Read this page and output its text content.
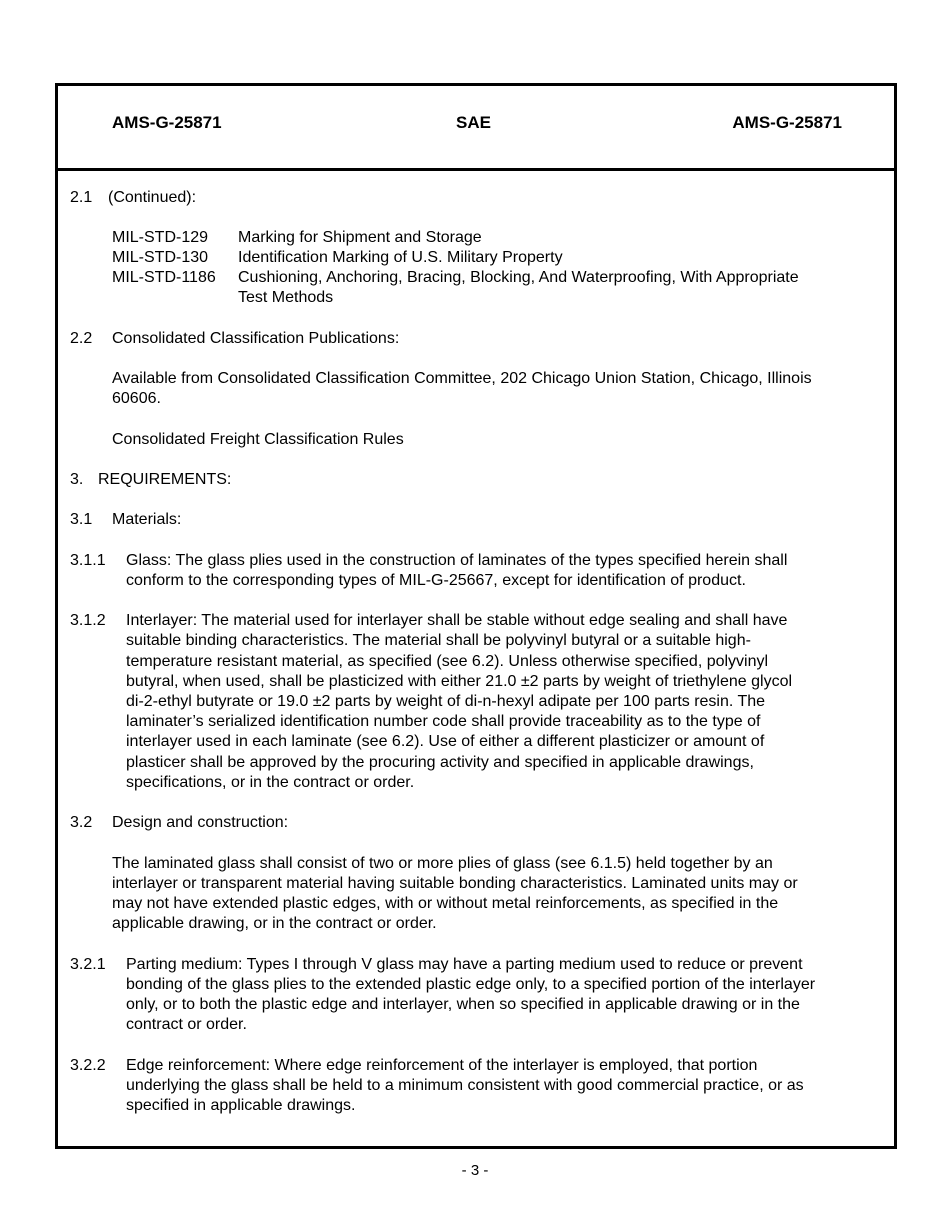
AMS-G-25871	SAE	AMS-G-25871
2.1 (Continued):
MIL-STD-129 Marking for Shipment and Storage
MIL-STD-130 Identification Marking of U.S. Military Property
MIL-STD-1186 Cushioning, Anchoring, Bracing, Blocking, And Waterproofing, With Appropriate
Test Methods
2.2 Consolidated Classification Publications:
Available from Consolidated Classification Committee, 202 Chicago Union Station, Chicago, Illinois
60606.
Consolidated Freight Classification Rules
3. REQUIREMENTS:
3.1 Materials:
3.1.1 Glass: The glass plies used in the construction of laminates of the types specified herein shall
conform to the corresponding types of MIL-G-25667, except for identification of product.
3.1.2 Interlayer: The material used for interlayer shall be stable without edge sealing and shall have
suitable binding characteristics. The material shall be polyvinyl butyral or a suitable high-
temperature resistant material, as specified (see 6.2). Unless otherwise specified, polyvinyl
butyral, when used, shall be plasticized with either 21.0 ±2 parts by weight of triethylene glycol
di-2-ethyl butyrate or 19.0 ±2 parts by weight of di-n-hexyl adipate per 100 parts resin. The
laminater’s serialized identification number code shall provide traceability as to the type of
interlayer used in each laminate (see 6.2). Use of either a different plasticizer or amount of
plasticer shall be approved by the procuring activity and specified in applicable drawings,
specifications, or in the contract or order.
3.2 Design and construction:
The laminated glass shall consist of two or more plies of glass (see 6.1.5) held together by an
interlayer or transparent material having suitable bonding characteristics. Laminated units may or
may not have extended plastic edges, with or without metal reinforcements, as specified in the
applicable drawing, or in the contract or order.
3.2.1 Parting medium: Types I through V glass may have a parting medium used to reduce or prevent
bonding of the glass plies to the extended plastic edge only, to a specified portion of the interlayer
only, or to both the plastic edge and interlayer, when so specified in applicable drawing or in the
contract or order.
3.2.2 Edge reinforcement: Where edge reinforcement of the interlayer is employed, that portion
underlying the glass shall be held to a minimum consistent with good commercial practice, or as
specified in applicable drawings.
- 3 -
